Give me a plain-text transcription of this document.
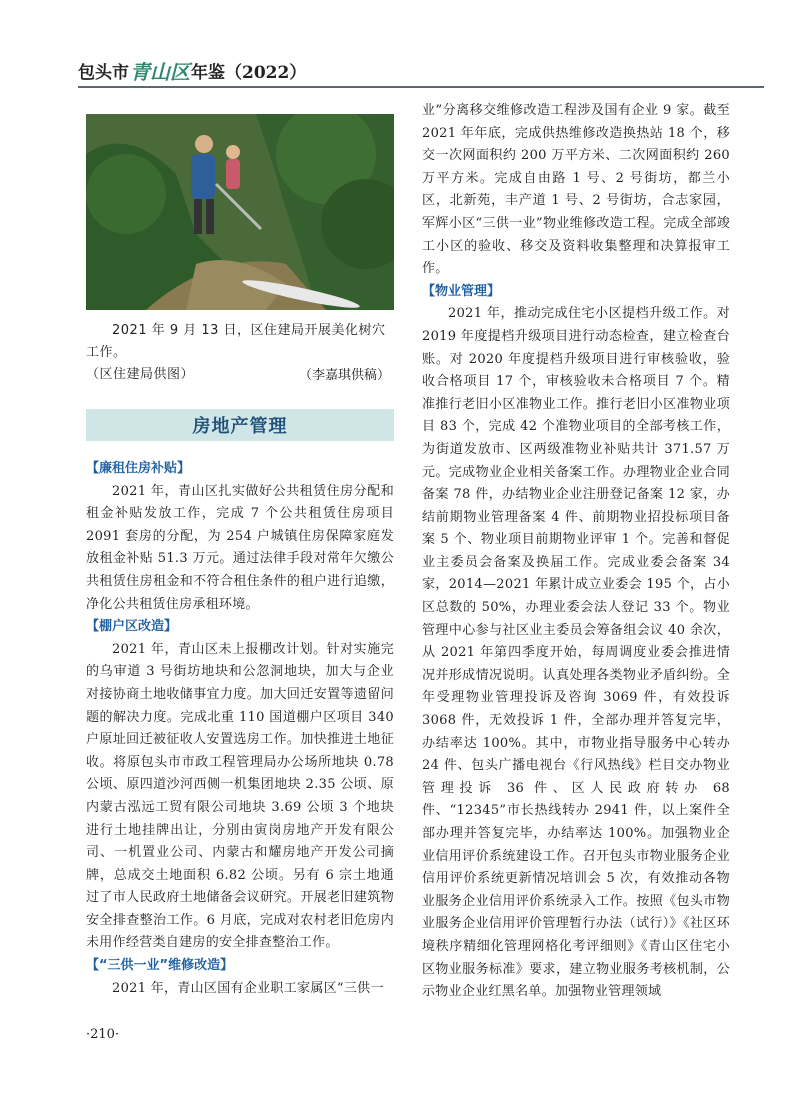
包头市 青山区 年鉴（2022）
2021 年 9 月 13 日，区住建局开展美化树穴工作。
（区住建局供图）	（李嘉琪供稿）
房地产管理
【廉租住房补贴】

2021 年，青山区扎实做好公共租赁住房分配和租金补贴发放工作，完成 7 个公共租赁住房项目 2091 套房的分配，为 254 户城镇住房保障家庭发放租金补贴 51.3 万元。通过法律手段对常年欠缴公共租赁住房租金和不符合租住条件的租户进行追缴，净化公共租赁住房承租环境。

【棚户区改造】

2021 年，青山区未上报棚改计划。针对实施完的乌审道 3 号街坊地块和公忽洞地块，加大与企业对接协商土地收储事宜力度。加大回迁安置等遗留问题的解决力度。完成北重 110 国道棚户区项目 340 户原址回迁被征收人安置选房工作。加快推进土地征收。将原包头市市政工程管理局办公场所地块 0.78 公顷、原四道沙河西侧一机集团地块 2.35 公顷、原内蒙古泓远工贸有限公司地块 3.69 公顷 3 个地块进行土地挂牌出让，分别由寅岗房地产开发有限公司、一机置业公司、内蒙古和耀房地产开发公司摘牌，总成交土地面积 6.82 公顷。另有 6 宗土地通过了市人民政府土地储备会议研究。开展老旧建筑物安全排查整治工作。6 月底，完成对农村老旧危房内未用作经营类自建房的安全排查整治工作。

【“三供一业”维修改造】

2021 年，青山区国有企业职工家属区“三供一

业”分离移交维修改造工程涉及国有企业 9 家。截至 2021 年年底，完成供热维修改造换热站 18 个，移交一次网面积约 200 万平方米、二次网面积约 260 万平方米。完成自由路 1 号、2 号街坊，都兰小区，北新苑，丰产道 1 号、2 号街坊，合志家园，军辉小区“三供一业”物业维修改造工程。完成全部竣工小区的验收、移交及资料收集整理和决算报审工作。

【物业管理】

2021 年，推动完成住宅小区提档升级工作。对 2019 年度提档升级项目进行动态检查，建立检查台账。对 2020 年度提档升级项目进行审核验收，验收合格项目 17 个，审核验收未合格项目 7 个。精准推行老旧小区准物业工作。推行老旧小区准物业项目 83 个，完成 42 个准物业项目的全部考核工作，为街道发放市、区两级准物业补贴共计 371.57 万元。完成物业企业相关备案工作。办理物业企业合同备案 78 件，办结物业企业注册登记备案 12 家，办结前期物业管理备案 4 件、前期物业招投标项目备案 5 个、物业项目前期物业评审 1 个。完善和督促业主委员会备案及换届工作。完成业委会备案 34 家，2014—2021 年累计成立业委会 195 个，占小区总数的 50%，办理业委会法人登记 33 个。物业管理中心参与社区业主委员会筹备组会议 40 余次，从 2021 年第四季度开始，每周调度业委会推进情况并形成情况说明。认真处理各类物业矛盾纠纷。全年受理物业管理投诉及咨询 3069 件，有效投诉 3068 件，无效投诉 1 件，全部办理并答复完毕，办结率达 100%。其中，市物业指导服务中心转办 24 件、包头广播电视台《行风热线》栏目交办物业管理投诉 36 件、区人民政府转办 68 件、“12345”市长热线转办 2941 件，以上案件全部办理并答复完毕，办结率达 100%。加强物业企业信用评价系统建设工作。召开包头市物业服务企业信用评价系统更新情况培训会 5 次，有效推动各物业服务企业信用评价系统录入工作。按照《包头市物业服务企业信用评价管理暂行办法（试行）》《社区环境秩序精细化管理网格化考评细则》《青山区住宅小区物业服务标准》要求，建立物业服务考核机制，公示物业企业红黑名单。加强物业管理领域

·210·
